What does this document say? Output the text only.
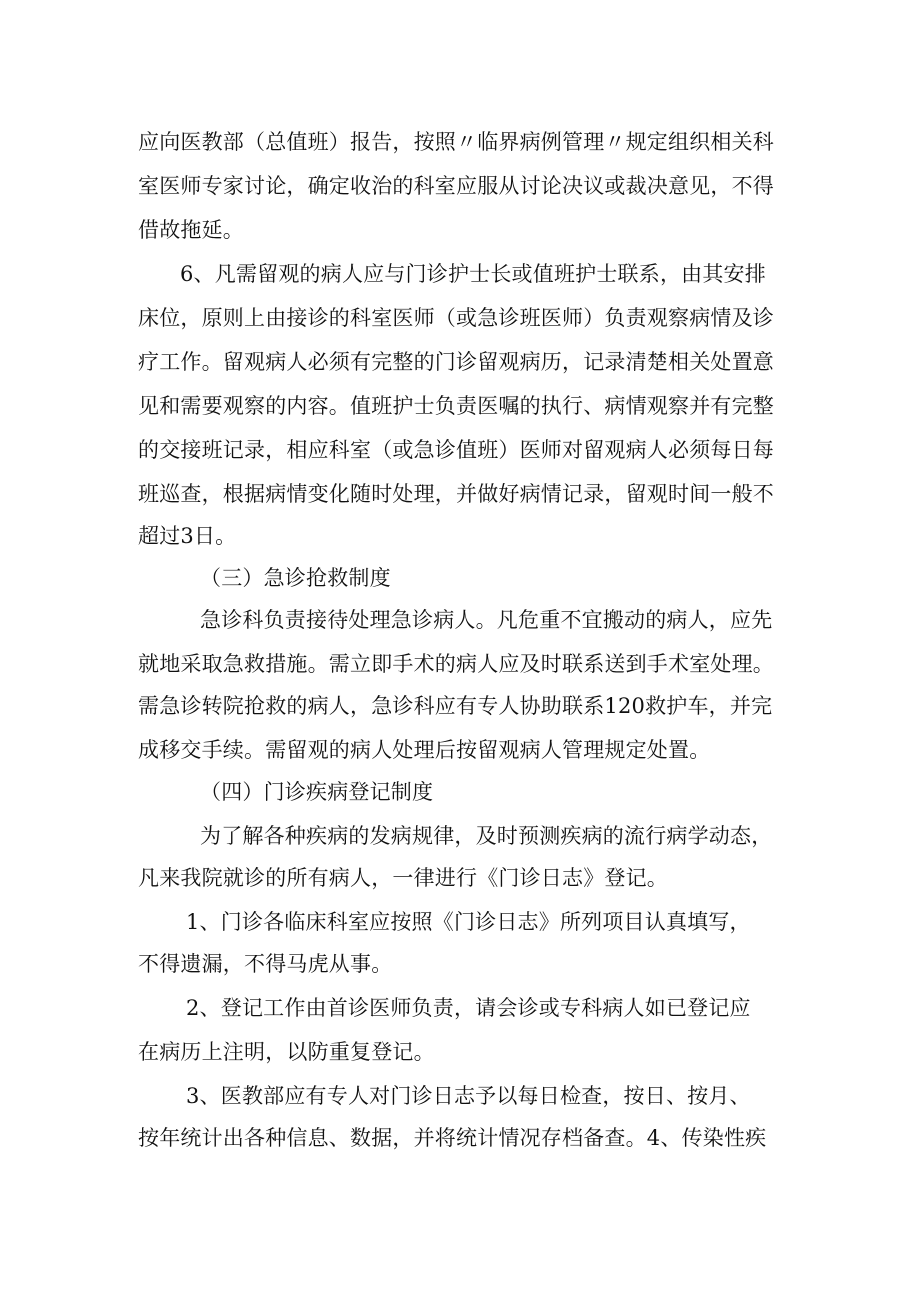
应向医教部（总值班）报告，按照〃临界病例管理〃规定组织相关科
室医师专家讨论，确定收治的科室应服从讨论决议或裁决意见，不得
借故拖延。
6、凡需留观的病人应与门诊护士长或值班护士联系，由其安排
床位，原则上由接诊的科室医师（或急诊班医师）负责观察病情及诊
疗工作。留观病人必须有完整的门诊留观病历，记录清楚相关处置意
见和需要观察的内容。值班护士负责医嘱的执行、病情观察并有完整
的交接班记录，相应科室（或急诊值班）医师对留观病人必须每日每
班巡查，根据病情变化随时处理，并做好病情记录，留观时间一般不
超过3日。
（三）急诊抢救制度
急诊科负责接待处理急诊病人。凡危重不宜搬动的病人，应先
就地采取急救措施。需立即手术的病人应及时联系送到手术室处理。
需急诊转院抢救的病人，急诊科应有专人协助联系120救护车，并完
成移交手续。需留观的病人处理后按留观病人管理规定处置。
（四）门诊疾病登记制度
为了解各种疾病的发病规律，及时预测疾病的流行病学动态，
凡来我院就诊的所有病人，一律进行《门诊日志》登记。
1、门诊各临床科室应按照《门诊日志》所列项目认真填写，
不得遗漏，不得马虎从事。
2、登记工作由首诊医师负责，请会诊或专科病人如已登记应
在病历上注明，以防重复登记。
3、医教部应有专人对门诊日志予以每日检查，按日、按月、
按年统计出各种信息、数据，并将统计情况存档备查。4、传染性疾
